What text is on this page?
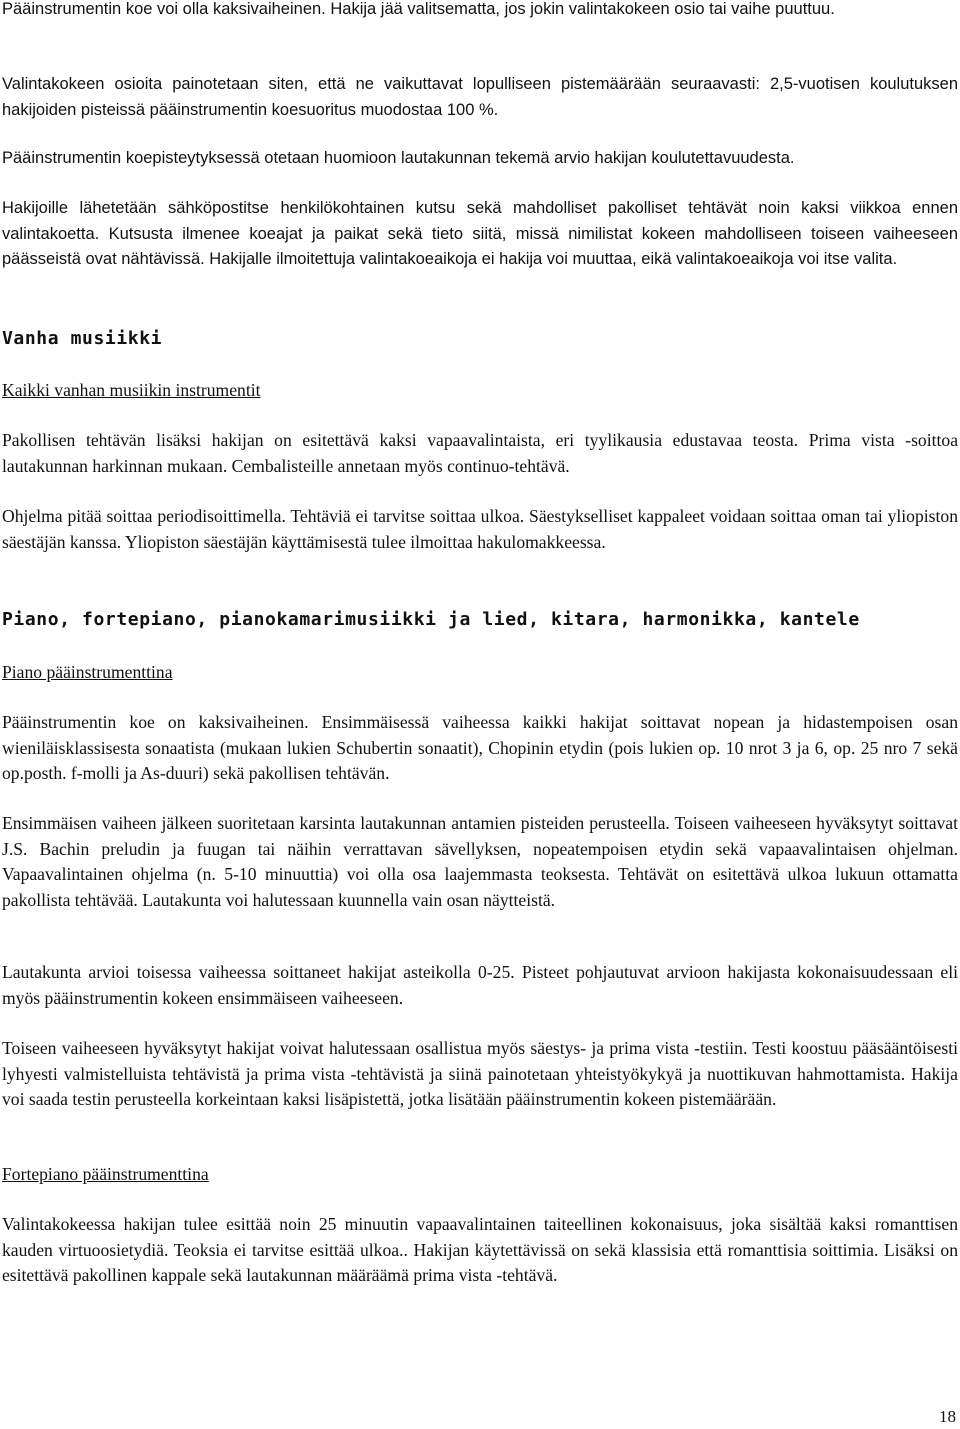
Pääinstrumentin koe voi olla kaksivaiheinen. Hakija jää valitsematta, jos jokin valintakokeen osio tai vaihe puuttuu.

Valintakokeen osioita painotetaan siten, että ne vaikuttavat lopulliseen pistemäärään seuraavasti: 2,5-vuotisen koulutuksen hakijoiden pisteissä pääinstrumentin koesuoritus muodostaa 100 %.

Pääinstrumentin koepisteytyksessä otetaan huomioon lautakunnan tekemä arvio hakijan koulutettavuudesta.

Hakijoille lähetetään sähköpostitse henkilökohtainen kutsu sekä mahdolliset pakolliset tehtävät noin kaksi viikkoa ennen valintakoetta. Kutsusta ilmenee koeajat ja paikat sekä tieto siitä, missä nimilistat kokeen mahdolliseen toiseen vaiheeseen päässeistä ovat nähtävissä. Hakijalle ilmoitettuja valintakoeaikoja ei hakija voi muuttaa, eikä valintakoeaikoja voi itse valita.

Vanha musiikki

Kaikki vanhan musiikin instrumentit

Pakollisen tehtävän lisäksi hakijan on esitettävä kaksi vapaavalintaista, eri tyylikausia edustavaa teosta. Prima vista -soittoa lautakunnan harkinnan mukaan. Cembalisteille annetaan myös continuo-tehtävä.

Ohjelma pitää soittaa periodisoittimella. Tehtäviä ei tarvitse soittaa ulkoa. Säestykselliset kappaleet voidaan soittaa oman tai yliopiston säestäjän kanssa. Yliopiston säestäjän käyttämisestä tulee ilmoittaa hakulomakkeessa.

Piano, fortepiano, pianokamarimusiikki ja lied, kitara, harmonikka, kantele

Piano pääinstrumenttina

Pääinstrumentin koe on kaksivaiheinen. Ensimmäisessä vaiheessa kaikki hakijat soittavat nopean ja hidastempoisen osan wieniläisklassisesta sonaatista (mukaan lukien Schubertin sonaatit), Chopinin etydin (pois lukien op. 10 nrot 3 ja 6, op. 25 nro 7 sekä op.posth. f-molli ja As-duuri) sekä pakollisen tehtävän.

Ensimmäisen vaiheen jälkeen suoritetaan karsinta lautakunnan antamien pisteiden perusteella. Toiseen vaiheeseen hyväksytyt soittavat J.S. Bachin preludin ja fuugan tai näihin verrattavan sävellyksen, nopeatempoisen etydin sekä vapaavalintaisen ohjelman. Vapaavalintainen ohjelma (n. 5-10 minuuttia) voi olla osa laajemmasta teoksesta. Tehtävät on esitettävä ulkoa lukuun ottamatta pakollista tehtävää. Lautakunta voi halutessaan kuunnella vain osan näytteistä.

Lautakunta arvioi toisessa vaiheessa soittaneet hakijat asteikolla 0-25. Pisteet pohjautuvat arvioon hakijasta kokonaisuudessaan eli myös pääinstrumentin kokeen ensimmäiseen vaiheeseen.

Toiseen vaiheeseen hyväksytyt hakijat voivat halutessaan osallistua myös säestys- ja prima vista -testiin. Testi koostuu pääsääntöisesti lyhyesti valmistelluista tehtävistä ja prima vista -tehtävistä ja siinä painotetaan yhteistyökykyä ja nuottikuvan hahmottamista. Hakija voi saada testin perusteella korkeintaan kaksi lisäpistettä, jotka lisätään pääinstrumentin kokeen pistemäärään.

Fortepiano pääinstrumenttina

Valintakokeessa hakijan tulee esittää noin 25 minuutin vapaavalintainen taiteellinen kokonaisuus, joka sisältää kaksi romanttisen kauden virtuoosietydiä. Teoksia ei tarvitse esittää ulkoa.. Hakijan käytettävissä on sekä klassisia että romanttisia soittimia. Lisäksi on esitettävä pakollinen kappale sekä lautakunnan määräämä prima vista -tehtävä.

18
